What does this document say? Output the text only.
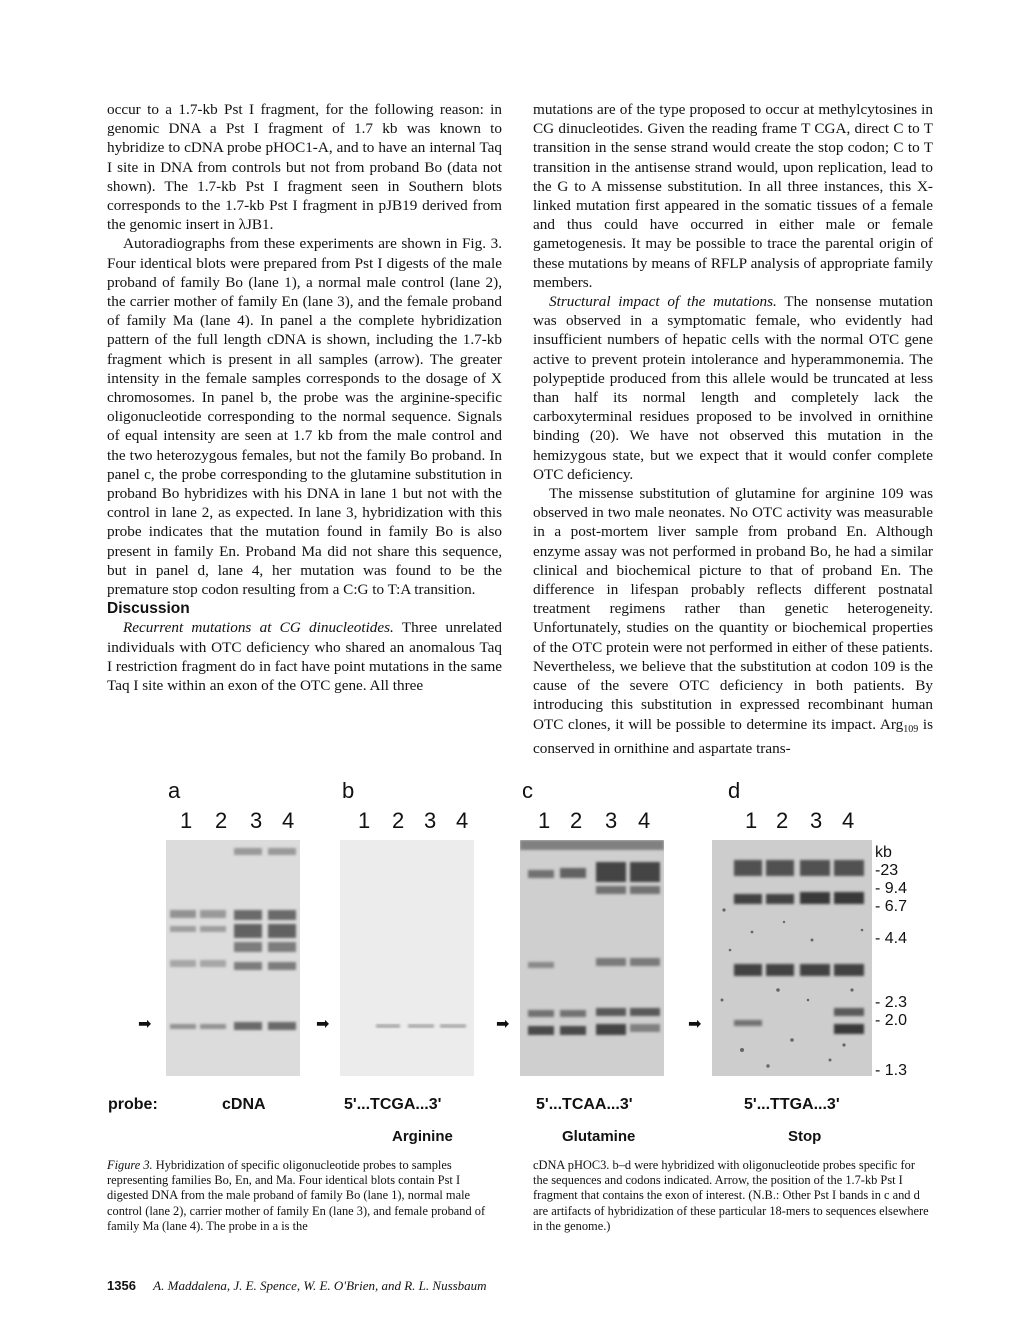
occur to a 1.7-kb Pst I fragment, for the following reason: in genomic DNA a Pst I fragment of 1.7 kb was known to hybridize to cDNA probe pHOC1-A, and to have an internal Taq I site in DNA from controls but not from proband Bo (data not shown). The 1.7-kb Pst I fragment seen in Southern blots corresponds to the 1.7-kb Pst I fragment in pJB19 derived from the genomic insert in λJB1.

Autoradiographs from these experiments are shown in Fig. 3. Four identical blots were prepared from Pst I digests of the male proband of family Bo (lane 1), a normal male control (lane 2), the carrier mother of family En (lane 3), and the female proband of family Ma (lane 4). In panel a the complete hybridization pattern of the full length cDNA is shown, including the 1.7-kb fragment which is present in all samples (arrow). The greater intensity in the female samples corresponds to the dosage of X chromosomes. In panel b, the probe was the arginine-specific oligonucleotide corresponding to the normal sequence. Signals of equal intensity are seen at 1.7 kb from the male control and the two heterozygous females, but not the family Bo proband. In panel c, the probe corresponding to the glutamine substitution in proband Bo hybridizes with his DNA in lane 1 but not with the control in lane 2, as expected. In lane 3, hybridization with this probe indicates that the mutation found in family Bo is also present in family En. Proband Ma did not share this sequence, but in panel d, lane 4, her mutation was found to be the premature stop codon resulting from a C:G to T:A transition.

Discussion

Recurrent mutations at CG dinucleotides. Three unrelated individuals with OTC deficiency who shared an anomalous Taq I restriction fragment do in fact have point mutations in the same Taq I site within an exon of the OTC gene. All three

mutations are of the type proposed to occur at methylcytosines in CG dinucleotides. Given the reading frame T CGA, direct C to T transition in the sense strand would create the stop codon; C to T transition in the antisense strand would, upon replication, lead to the G to A missense substitution. In all three instances, this X-linked mutation first appeared in the somatic tissues of a female and thus could have occurred in either male or female gametogenesis. It may be possible to trace the parental origin of these mutations by means of RFLP analysis of appropriate family members.

Structural impact of the mutations. The nonsense mutation was observed in a symptomatic female, who evidently had insufficient numbers of hepatic cells with the normal OTC gene active to prevent protein intolerance and hyperammonemia. The polypeptide produced from this allele would be truncated at less than half its normal length and completely lack the carboxyterminal residues proposed to be involved in ornithine binding (20). We have not observed this mutation in the hemizygous state, but we expect that it would confer complete OTC deficiency.

The missense substitution of glutamine for arginine 109 was observed in two male neonates. No OTC activity was measurable in a post-mortem liver sample from proband En. Although enzyme assay was not performed in proband Bo, he had a similar clinical and biochemical picture to that of proband En. The difference in lifespan probably reflects different postnatal treatment regimens rather than genetic heterogeneity. Unfortunately, studies on the quantity or biochemical properties of the OTC protein were not performed in either of these patients. Nevertheless, we believe that the substitution at codon 109 is the cause of the severe OTC deficiency in both patients. By introducing this substitution in expressed recombinant human OTC clones, it will be possible to determine its impact. Arg$_{109}$ is conserved in ornithine and aspartate trans-

a	b	c	d
1 2 3 4	1 2 3 4	1 2 3 4	1 2 3 4
➡	➡	➡	➡
kb
-23
- 9.4
- 6.7
- 4.4
- 2.3
- 2.0
- 1.3
probe:	cDNA	5'...TCGA...3'	5'...TCAA...3'	5'...TTGA...3'
Arginine	Glutamine	Stop
Figure 3. Hybridization of specific oligonucleotide probes to samples representing families Bo, En, and Ma. Four identical blots contain Pst I digested DNA from the male proband of family Bo (lane 1), normal male control (lane 2), carrier mother of family En (lane 3), and female proband of family Ma (lane 4). The probe in a is the
cDNA pHOC3. b–d were hybridized with oligonucleotide probes specific for the sequences and codons indicated. Arrow, the position of the 1.7-kb Pst I fragment that contains the exon of interest. (N.B.: Other Pst I bands in c and d are artifacts of hybridization of these particular 18-mers to sequences elsewhere in the genome.)
1356 A. Maddalena, J. E. Spence, W. E. O'Brien, and R. L. Nussbaum
